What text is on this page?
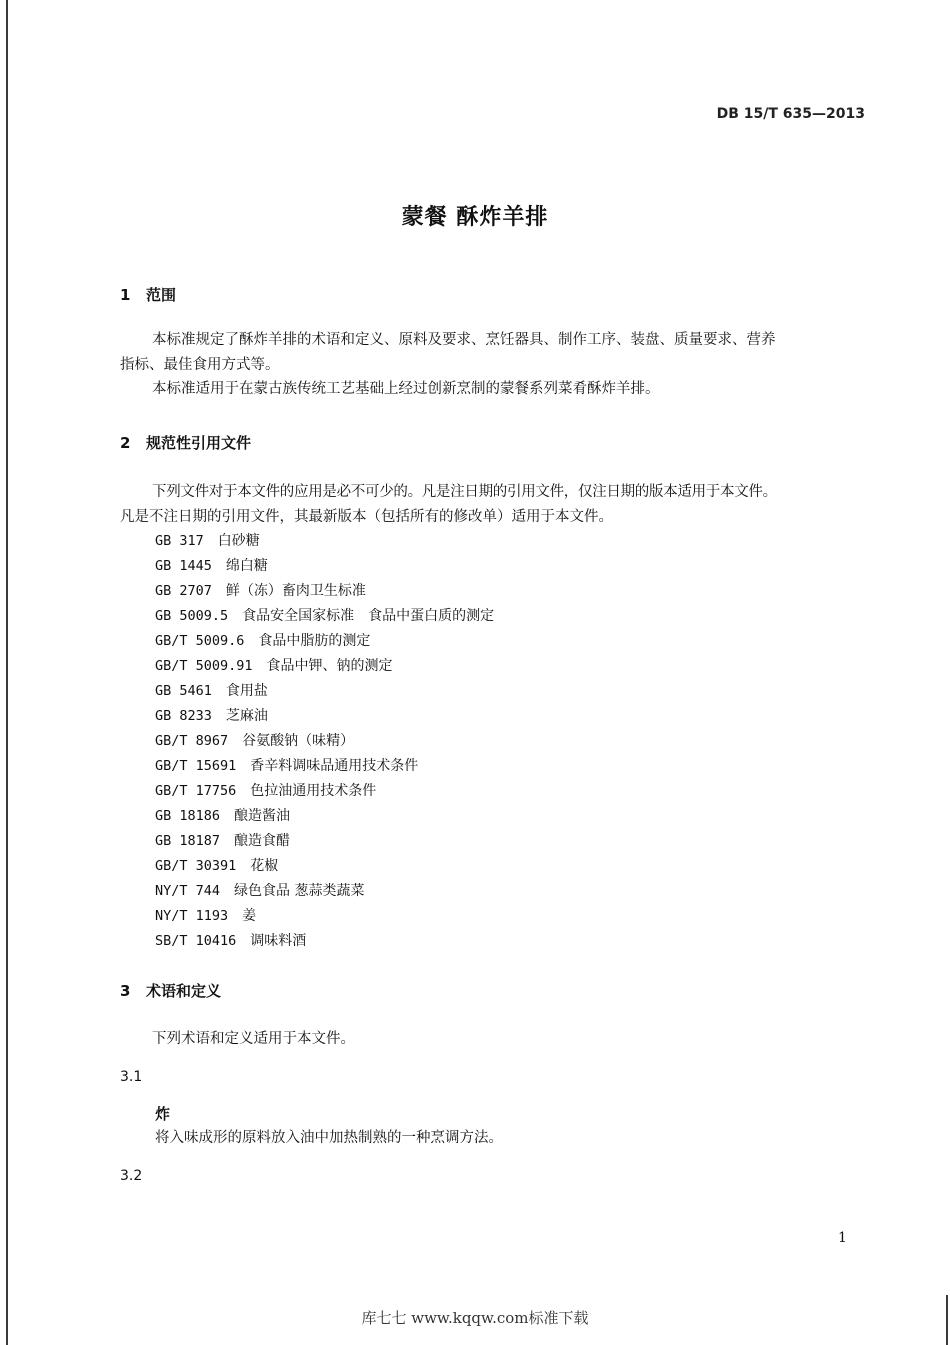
DB 15/T 635—2013
蒙餐 酥炸羊排
1 范围
本标准规定了酥炸羊排的术语和定义、原料及要求、烹饪器具、制作工序、装盘、质量要求、营养
指标、最佳食用方式等。
本标准适用于在蒙古族传统工艺基础上经过创新烹制的蒙餐系列菜肴酥炸羊排。
2 规范性引用文件
下列文件对于本文件的应用是必不可少的。凡是注日期的引用文件，仅注日期的版本适用于本文件。
凡是不注日期的引用文件，其最新版本（包括所有的修改单）适用于本文件。
GB 317 白砂糖
GB 1445 绵白糖
GB 2707 鲜（冻）畜肉卫生标准
GB 5009.5 食品安全国家标准　食品中蛋白质的测定
GB/T 5009.6 食品中脂肪的测定
GB/T 5009.91 食品中钾、钠的测定
GB 5461 食用盐
GB 8233 芝麻油
GB/T 8967 谷氨酸钠（味精）
GB/T 15691 香辛料调味品通用技术条件
GB/T 17756 色拉油通用技术条件
GB 18186 酿造酱油
GB 18187 酿造食醋
GB/T 30391 花椒
NY/T 744 绿色食品 葱蒜类蔬菜
NY/T 1193 姜
SB/T 10416 调味料酒
3 术语和定义
下列术语和定义适用于本文件。
3.1
炸
将入味成形的原料放入油中加热制熟的一种烹调方法。
3.2
1
库七七 www.kqqw.com标准下载
